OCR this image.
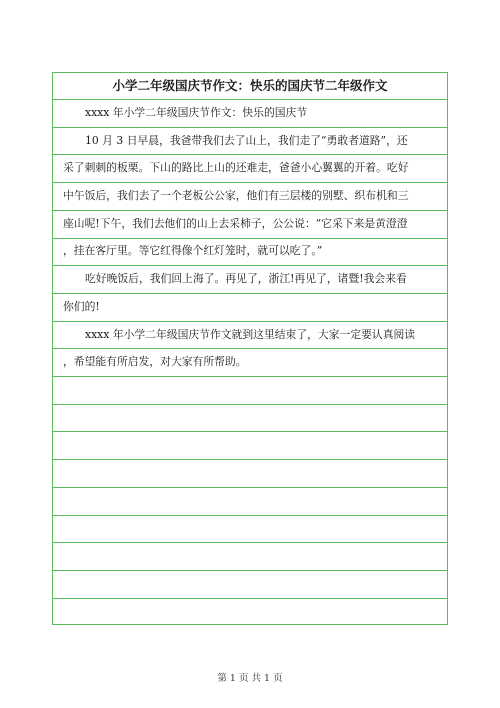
小学二年级国庆节作文：快乐的国庆节二年级作文
xxxx 年小学二年级国庆节作文：快乐的国庆节
10 月 3 日早晨，我爸带我们去了山上，我们走了“勇敢者道路”，还
采了刺刺的板栗。下山的路比上山的还难走，爸爸小心翼翼的开着。吃好
中午饭后，我们去了一个老板公公家，他们有三层楼的别墅、织布机和三
座山呢!下午，我们去他们的山上去采柿子，公公说：“它采下来是黄澄澄
，挂在客厅里。等它红得像个红灯笼时，就可以吃了。”
吃好晚饭后，我们回上海了。再见了，浙江!再见了，诸暨!我会来看
你们的!
xxxx 年小学二年级国庆节作文就到这里结束了，大家一定要认真阅读
，希望能有所启发，对大家有所帮助。
第 1 页 共 1 页
